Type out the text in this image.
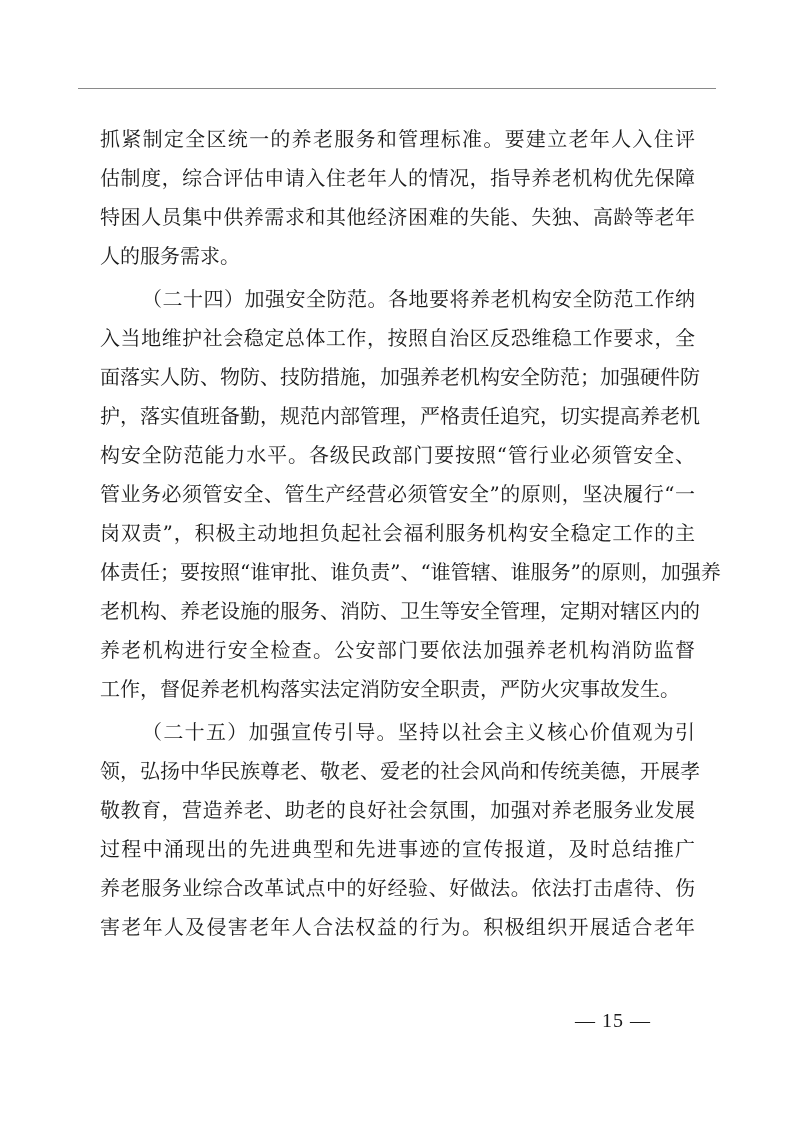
抓紧制定全区统一的养老服务和管理标准。要建立老年人入住评
估制度，综合评估申请入住老年人的情况，指导养老机构优先保障
特困人员集中供养需求和其他经济困难的失能、失独、高龄等老年
人的服务需求。
（二十四）加强安全防范。各地要将养老机构安全防范工作纳
入当地维护社会稳定总体工作，按照自治区反恐维稳工作要求，全
面落实人防、物防、技防措施，加强养老机构安全防范；加强硬件防
护，落实值班备勤，规范内部管理，严格责任追究，切实提高养老机
构安全防范能力水平。各级民政部门要按照“管行业必须管安全、
管业务必须管安全、管生产经营必须管安全”的原则，坚决履行“一
岗双责”，积极主动地担负起社会福利服务机构安全稳定工作的主
体责任；要按照“谁审批、谁负责”、“谁管辖、谁服务”的原则，加强养
老机构、养老设施的服务、消防、卫生等安全管理，定期对辖区内的
养老机构进行安全检查。公安部门要依法加强养老机构消防监督
工作，督促养老机构落实法定消防安全职责，严防火灾事故发生。
（二十五）加强宣传引导。坚持以社会主义核心价值观为引
领，弘扬中华民族尊老、敬老、爱老的社会风尚和传统美德，开展孝
敬教育，营造养老、助老的良好社会氛围，加强对养老服务业发展
过程中涌现出的先进典型和先进事迹的宣传报道，及时总结推广
养老服务业综合改革试点中的好经验、好做法。依法打击虐待、伤
害老年人及侵害老年人合法权益的行为。积极组织开展适合老年
— 15 —
